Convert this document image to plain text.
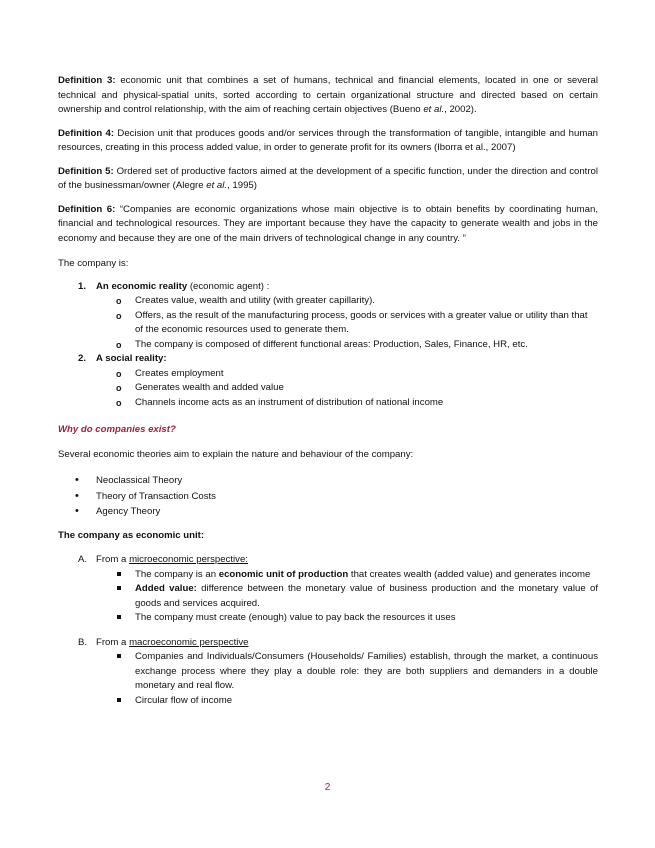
Definition 3: economic unit that combines a set of humans, technical and financial elements, located in one or several technical and physical-spatial units, sorted according to certain organizational structure and directed based on certain ownership and control relationship, with the aim of reaching certain objectives (Bueno et al., 2002).

Definition 4: Decision unit that produces goods and/or services through the transformation of tangible, intangible and human resources, creating in this process added value, in order to generate profit for its owners (Iborra et al., 2007)

Definition 5: Ordered set of productive factors aimed at the development of a specific function, under the direction and control of the businessman/owner (Alegre et al., 1995)

Definition 6: “Companies are economic organizations whose main objective is to obtain benefits by coordinating human, financial and technological resources. They are important because they have the capacity to generate wealth and jobs in the economy and because they are one of the main drivers of technological change in any country. ”

The company is:

1. An economic reality (economic agent) :
o Creates value, wealth and utility (with greater capillarity).
o Offers, as the result of the manufacturing process, goods or services with a greater value or utility than that of the economic resources used to generate them.
o The company is composed of different functional areas: Production, Sales, Finance, HR, etc.
2. A social reality:
o Creates employment
o Generates wealth and added value
o Channels income acts as an instrument of distribution of national income

Why do companies exist?

Several economic theories aim to explain the nature and behaviour of the company:

• Neoclassical Theory
• Theory of Transaction Costs
• Agency Theory

The company as economic unit:

A. From a microeconomic perspective:
The company is an economic unit of production that creates wealth (added value) and generates income
Added value: difference between the monetary value of business production and the monetary value of goods and services acquired.
The company must create (enough) value to pay back the resources it uses
B. From a macroeconomic perspective
Companies and Individuals/Consumers (Households/ Families) establish, through the market, a continuous exchange process where they play a double role: they are both suppliers and demanders in a double monetary and real flow.
Circular flow of income
2
